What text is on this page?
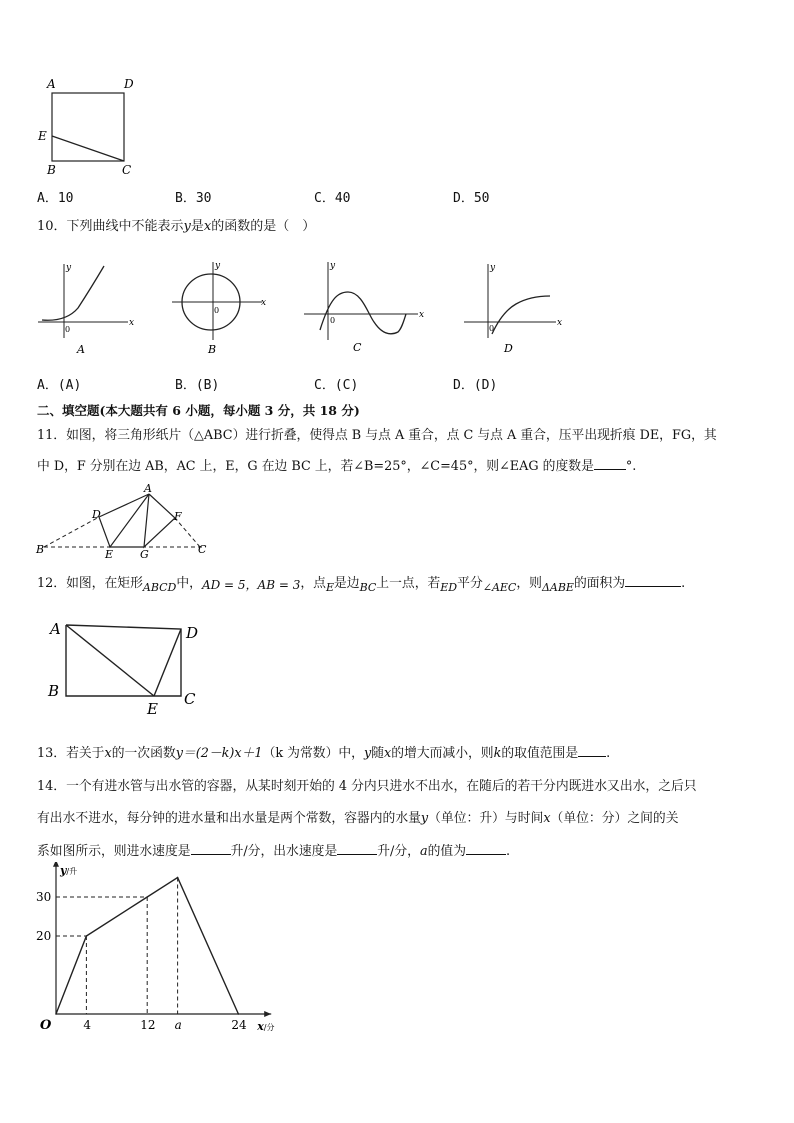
A	D
E
B	C
A．10	B．30	C．40	D．50
10．下列曲线中不能表示y是x的函数的是（　）
x
y
0
A
x
y
0
B
x
y
0
C
x
y
0
D
A．(A)	B．(B)	C．(C)	D．(D)
二、填空题(本大题共有 6 小题，每小题 3 分，共 18 分)
11．如图，将三角形纸片（△ABC）进行折叠，使得点 B 与点 A 重合，点 C 与点 A 重合，压平出现折痕 DE，FG，其
中 D，F 分别在边 AB，AC 上，E，G 在边 BC 上，若∠B=25°，∠C=45°，则∠EAG 的度数是	°.
A
D	F
B	E G	C
12．如图，在矩形ABCD中，AD = 5，AB = 3，点E是边BC上一点，若ED平分∠AEC，则ΔABE的面积为	.
A	D
B	C
E
13．若关于x的一次函数y＝(2－k)x＋1（k 为常数）中，y随x的增大而减小，则k的取值范围是 .
14．一个有进水管与出水管的容器，从某时刻开始的 4 分内只进水不出水，在随后的若干分内既进水又出水，之后只
有出水不进水，每分钟的进水量和出水量是两个常数，容器内的水量y（单位：升）与时间x（单位：分）之间的关
系如图所示，则进水速度是	升/分，出水速度是	升/分，a的值为	.
4	12 a	24
20
30
O
y/升
x/分
